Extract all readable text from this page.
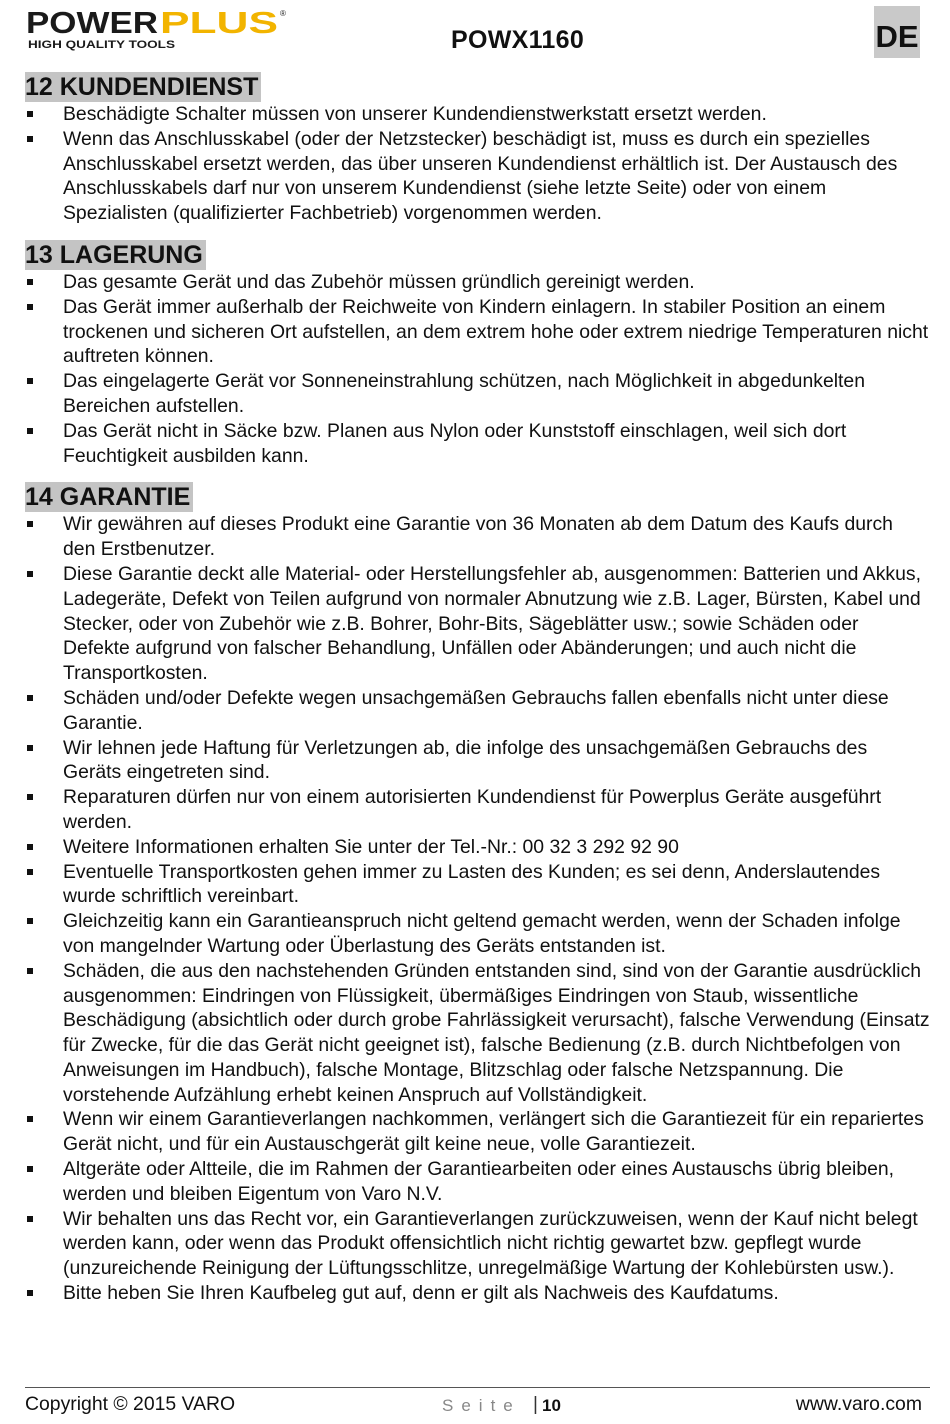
POWER PLUS ®
HIGH QUALITY TOOLS	POWX1160	DE
12 KUNDENDIENST
Beschädigte Schalter müssen von unserer Kundendienstwerkstatt ersetzt werden.
Wenn das Anschlusskabel (oder der Netzstecker) beschädigt ist, muss es durch ein spezielles Anschlusskabel ersetzt werden, das über unseren Kundendienst erhältlich ist. Der Austausch des Anschlusskabels darf nur von unserem Kundendienst (siehe letzte Seite) oder von einem Spezialisten (qualifizierter Fachbetrieb) vorgenommen werden.
13 LAGERUNG
Das gesamte Gerät und das Zubehör müssen gründlich gereinigt werden.
Das Gerät immer außerhalb der Reichweite von Kindern einlagern. In stabiler Position an einem trockenen und sicheren Ort aufstellen, an dem extrem hohe oder extrem niedrige Temperaturen nicht auftreten können.
Das eingelagerte Gerät vor Sonneneinstrahlung schützen, nach Möglichkeit in abgedunkelten Bereichen aufstellen.
Das Gerät nicht in Säcke bzw. Planen aus Nylon oder Kunststoff einschlagen, weil sich dort Feuchtigkeit ausbilden kann.
14 GARANTIE
Wir gewähren auf dieses Produkt eine Garantie von 36 Monaten ab dem Datum des Kaufs durch den Erstbenutzer.
Diese Garantie deckt alle Material- oder Herstellungsfehler ab, ausgenommen: Batterien und Akkus, Ladegeräte, Defekt von Teilen aufgrund von normaler Abnutzung wie z.B. Lager, Bürsten, Kabel und Stecker, oder von Zubehör wie z.B. Bohrer, Bohr-Bits, Sägeblätter usw.; sowie Schäden oder Defekte aufgrund von falscher Behandlung, Unfällen oder Abänderungen; und auch nicht die Transportkosten.
Schäden und/oder Defekte wegen unsachgemäßen Gebrauchs fallen ebenfalls nicht unter diese Garantie.
Wir lehnen jede Haftung für Verletzungen ab, die infolge des unsachgemäßen Gebrauchs des Geräts eingetreten sind.
Reparaturen dürfen nur von einem autorisierten Kundendienst für Powerplus Geräte ausgeführt werden.
Weitere Informationen erhalten Sie unter der Tel.-Nr.: 00 32 3 292 92 90
Eventuelle Transportkosten gehen immer zu Lasten des Kunden; es sei denn, Anderslautendes wurde schriftlich vereinbart.
Gleichzeitig kann ein Garantieanspruch nicht geltend gemacht werden, wenn der Schaden infolge von mangelnder Wartung oder Überlastung des Geräts entstanden ist.
Schäden, die aus den nachstehenden Gründen entstanden sind, sind von der Garantie ausdrücklich ausgenommen: Eindringen von Flüssigkeit, übermäßiges Eindringen von Staub, wissentliche Beschädigung (absichtlich oder durch grobe Fahrlässigkeit verursacht), falsche Verwendung (Einsatz für Zwecke, für die das Gerät nicht geeignet ist), falsche Bedienung (z.B. durch Nichtbefolgen von Anweisungen im Handbuch), falsche Montage, Blitzschlag oder falsche Netzspannung. Die vorstehende Aufzählung erhebt keinen Anspruch auf Vollständigkeit.
Wenn wir einem Garantieverlangen nachkommen, verlängert sich die Garantiezeit für ein repariertes Gerät nicht, und für ein Austauschgerät gilt keine neue, volle Garantiezeit.
Altgeräte oder Altteile, die im Rahmen der Garantiearbeiten oder eines Austauschs übrig bleiben, werden und bleiben Eigentum von Varo N.V.
Wir behalten uns das Recht vor, ein Garantieverlangen zurückzuweisen, wenn der Kauf nicht belegt werden kann, oder wenn das Produkt offensichtlich nicht richtig gewartet bzw. gepflegt wurde (unzureichende Reinigung der Lüftungsschlitze, unregelmäßige Wartung der Kohlebürsten usw.).
Bitte heben Sie Ihren Kaufbeleg gut auf, denn er gilt als Nachweis des Kaufdatums.
Copyright © 2015 VARO	Seite | 10	www.varo.com
